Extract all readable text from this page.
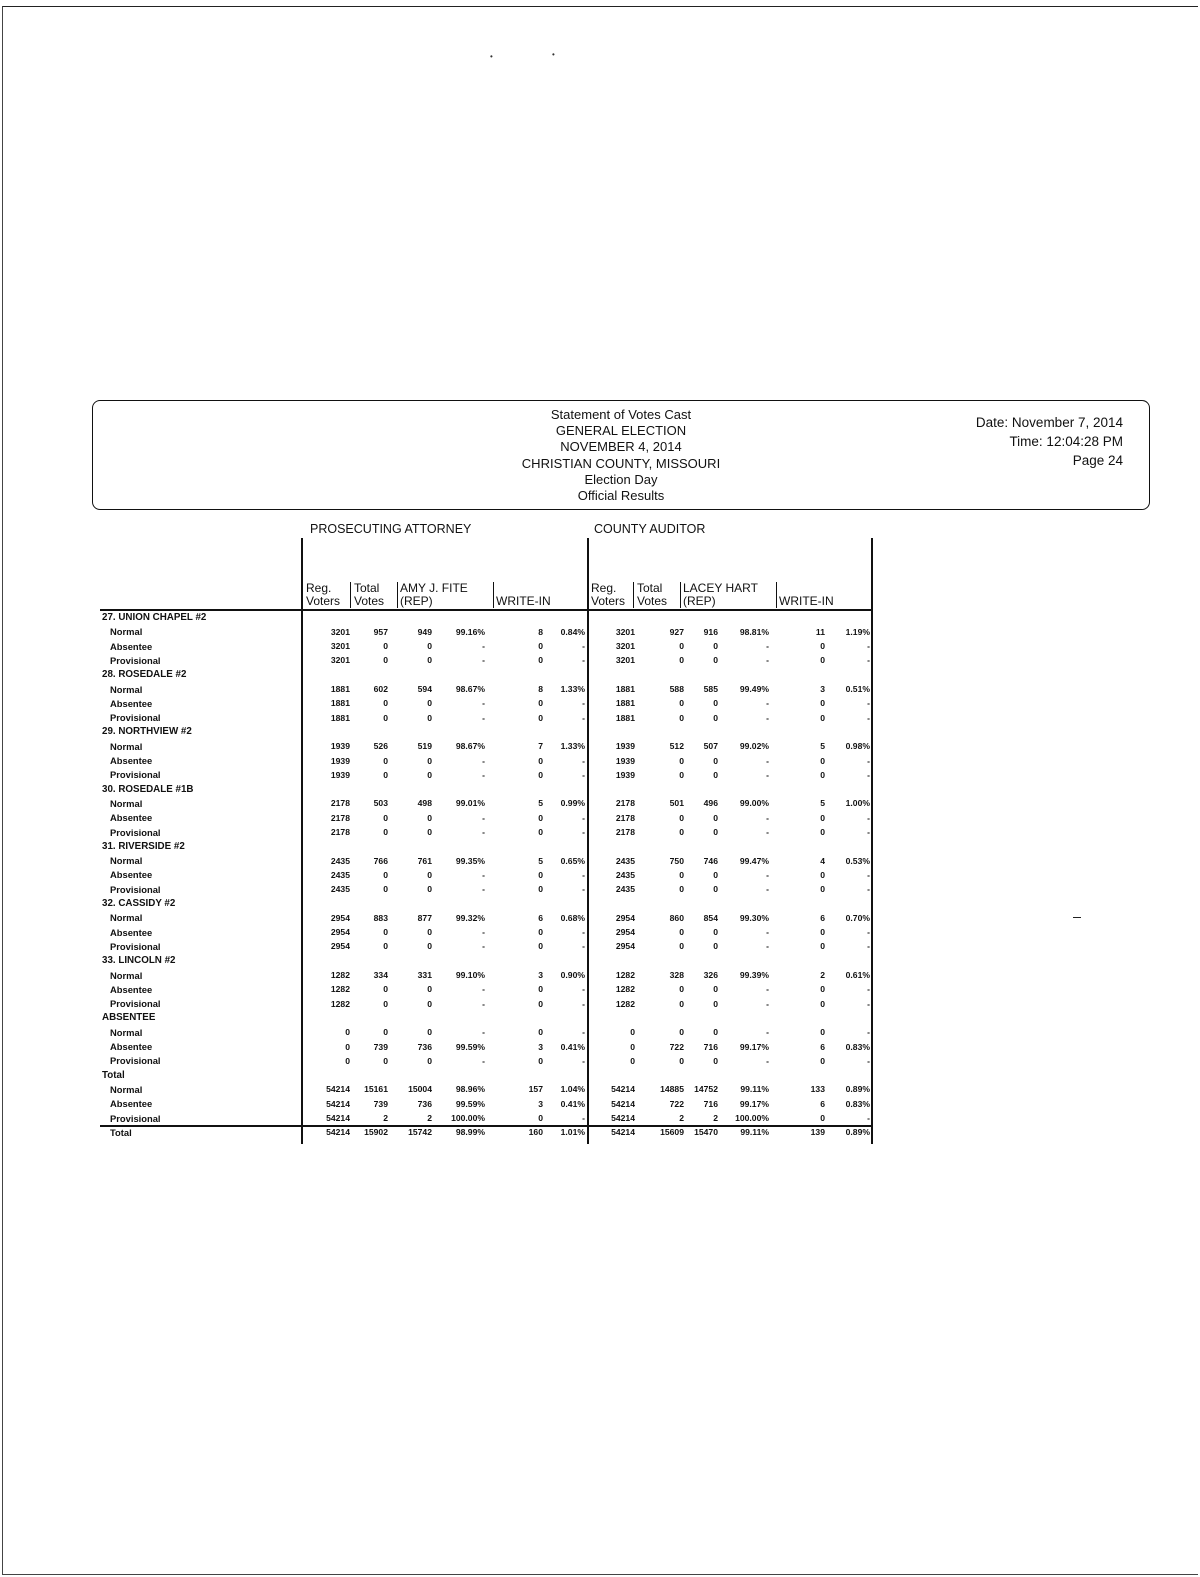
•	•
Statement of Votes Cast
GENERAL ELECTION
NOVEMBER 4, 2014
CHRISTIAN COUNTY, MISSOURI
Election Day
Official Results
Date: November 7, 2014
Time: 12:04:28 PM
Page 24
PROSECUTING ATTORNEY	COUNTY AUDITOR
Reg.
Voters
Total
Votes
AMY J. FITE
(REP)	WRITE-IN
Reg.
Voters
Total
Votes
LACEY HART
(REP)	WRITE-IN
27. UNION CHAPEL #2
Normal	3201	957	949	99.16%	8 0.84%	3201	927 916	98.81%	11 1.19%
Absentee	3201	0	0	-	0	-	3201	0	0	-	0	-
Provisional	3201	0	0	-	0	-	3201	0	0	-	0	-
28. ROSEDALE #2
Normal	1881	602	594	98.67%	8 1.33%	1881	588 585	99.49%	3 0.51%
Absentee	1881	0	0	-	0	-	1881	0	0	-	0	-
Provisional	1881	0	0	-	0	-	1881	0	0	-	0	-
29. NORTHVIEW #2
Normal	1939	526	519	98.67%	7 1.33%	1939	512 507	99.02%	5 0.98%
Absentee	1939	0	0	-	0	-	1939	0	0	-	0	-
Provisional	1939	0	0	-	0	-	1939	0	0	-	0	-
30. ROSEDALE #1B
Normal	2178	503	498	99.01%	5 0.99%	2178	501 496	99.00%	5 1.00%
Absentee	2178	0	0	-	0	-	2178	0	0	-	0	-
Provisional	2178	0	0	-	0	-	2178	0	0	-	0	-
31. RIVERSIDE #2
Normal	2435	766	761	99.35%	5 0.65%	2435	750 746	99.47%	4 0.53%
Absentee	2435	0	0	-	0	-	2435	0	0	-	0	-
Provisional	2435	0	0	-	0	-	2435	0	0	-	0	-
32. CASSIDY #2
Normal	2954	883	877	99.32%	6 0.68%	2954	860 854	99.30%	6 0.70%
Absentee	2954	0	0	-	0	-	2954	0	0	-	0	-
Provisional	2954	0	0	-	0	-	2954	0	0	-	0	-
33. LINCOLN #2
Normal	1282	334	331	99.10%	3 0.90%	1282	328 326	99.39%	2 0.61%
Absentee	1282	0	0	-	0	-	1282	0	0	-	0	-
Provisional	1282	0	0	-	0	-	1282	0	0	-	0	-
ABSENTEE
Normal	0	0	0	-	0	-	0	0	0	-	0	-
Absentee	0	739	736	99.59%	3 0.41%	0	722 716	99.17%	6 0.83%
Provisional	0	0	0	-	0	-	0	0	0	-	0	-
Total
Normal	54214 15161 15004	98.96%	157 1.04%	54214	14885 14752	99.11%	133 0.89%
Absentee	54214	739	736	99.59%	3 0.41%	54214	722 716	99.17%	6 0.83%
Provisional	54214	2	2 100.00%	0	-	54214	2	2 100.00%	0	-
Total	54214 15902 15742	98.99%	160 1.01%	54214	15609 15470	99.11%	139 0.89%
